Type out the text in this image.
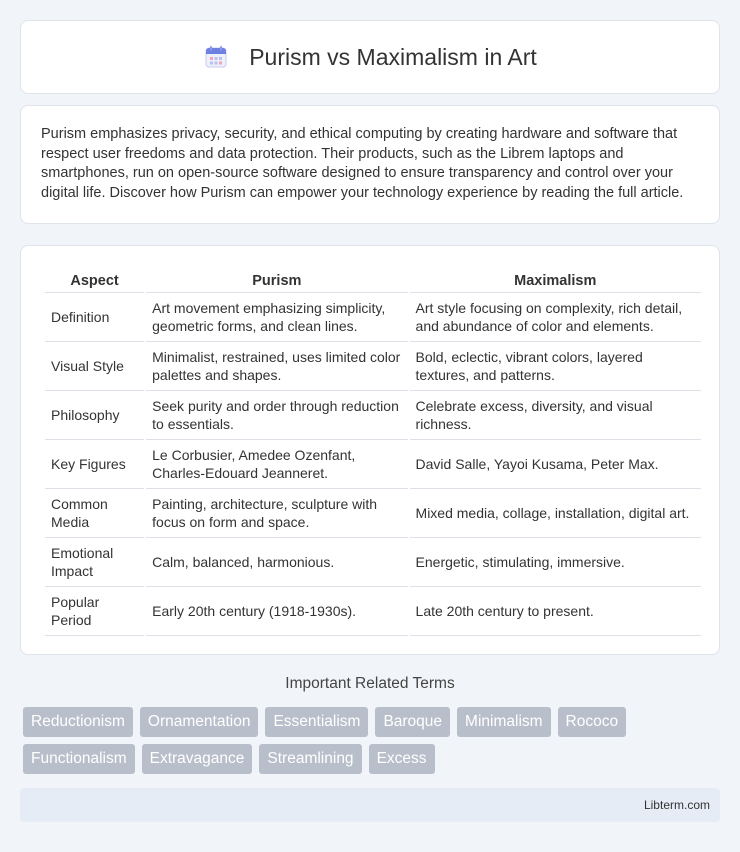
Purism vs Maximalism in Art

Purism emphasizes privacy, security, and ethical computing by creating hardware and software that respect user freedoms and data protection. Their products, such as the Librem laptops and smartphones, run on open-source software designed to ensure transparency and control over your digital life. Discover how Purism can empower your technology experience by reading the full article.

Aspect	Purism	Maximalism
Definition	Art movement emphasizing simplicity, geometric forms, and clean lines.	Art style focusing on complexity, rich detail, and abundance of color and elements.
Visual Style	Minimalist, restrained, uses limited color palettes and shapes.	Bold, eclectic, vibrant colors, layered textures, and patterns.
Philosophy	Seek purity and order through reduction to essentials.	Celebrate excess, diversity, and visual richness.
Key Figures	Le Corbusier, Amedee Ozenfant, Charles-Edouard Jeanneret.	David Salle, Yayoi Kusama, Peter Max.
Common Media	Painting, architecture, sculpture with focus on form and space.	Mixed media, collage, installation, digital art.
Emotional Impact	Calm, balanced, harmonious.	Energetic, stimulating, immersive.
Popular Period	Early 20th century (1918-1930s).	Late 20th century to present.
Important Related Terms
Reductionism	Ornamentation	Essentialism	Baroque	Minimalism	Rococo
Functionalism	Extravagance	Streamlining	Excess
Libterm.com
